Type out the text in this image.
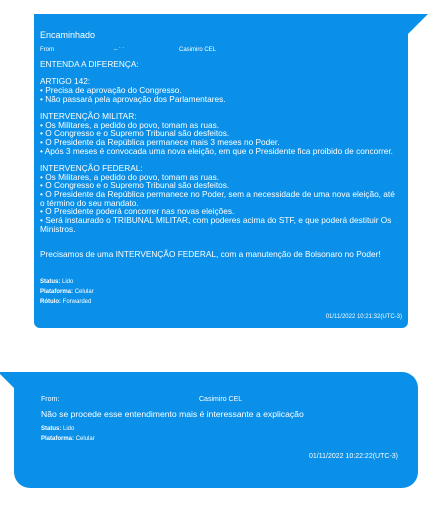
Encaminhado
From	_ . .	Casimiro CEL
ENTENDA A DIFERENÇA:
ARTIGO 142:
• Precisa de aprovação do Congresso.
• Não passará pela aprovação dos Parlamentares.
INTERVENÇÃO MILITAR:
• Os Militares, a pedido do povo, tomam as ruas.
• O Congresso e o Supremo Tribunal são desfeitos.
• O Presidente da República permanece mais 3 meses no Poder.
• Após 3 meses é convocada uma nova eleição, em que o Presidente fica proibido de concorrer.
INTERVENÇÃO FEDERAL:
• Os Militares, a pedido do povo, tomam as ruas.
• O Congresso e o Supremo Tribunal são desfeitos.
• O Presidente da República permanece no Poder, sem a necessidade de uma nova eleição, até o término do seu mandato.
• O Presidente poderá concorrer nas novas eleições.
• Será instaurado o TRIBUNAL MILITAR, com poderes acima do STF, e que poderá destituir Os Ministros.
Precisamos de uma INTERVENÇÃO FEDERAL, com a manutenção de Bolsonaro no Poder!
Status: Lido
Plataforma: Celular
Rótulo: Forwarded
01/11/2022 10:21:32(UTC-3)
From:	Casimiro CEL
Não se procede esse entendimento mais é interessante a explicação
Status: Lido
Plataforma: Celular
01/11/2022 10:22:22(UTC-3)
